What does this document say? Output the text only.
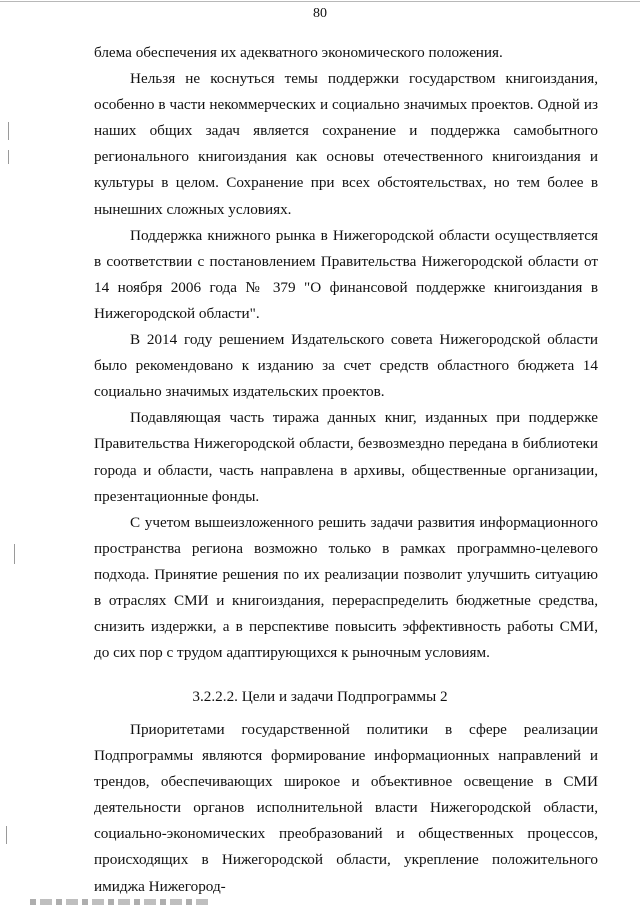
80

блема обеспечения их адекватного экономического положения.

Нельзя не коснуться темы поддержки государством книгоиздания, особенно в части некоммерческих и социально значимых проектов. Одной из наших общих задач является сохранение и поддержка самобытного регионального книгоиздания как основы отечественного книгоиздания и культуры в целом. Сохранение при всех обстоятельствах, но тем более в нынешних сложных условиях.

Поддержка книжного рынка в Нижегородской области осуществляется в соответствии с постановлением Правительства Нижегородской области от 14 ноября 2006 года № 379 "О финансовой поддержке книгоиздания в Нижегородской области".

В 2014 году решением Издательского совета Нижегородской области было рекомендовано к изданию за счет средств областного бюджета 14 социально значимых издательских проектов.

Подавляющая часть тиража данных книг, изданных при поддержке Правительства Нижегородской области, безвозмездно передана в библиотеки города и области, часть направлена в архивы, общественные организации, презентационные фонды.

С учетом вышеизложенного решить задачи развития информационного пространства региона возможно только в рамках программно-целевого подхода. Принятие решения по их реализации позволит улучшить ситуацию в отраслях СМИ и книгоиздания, перераспределить бюджетные средства, снизить издержки, а в перспективе повысить эффективность работы СМИ, до сих пор с трудом адаптирующихся к рыночным условиям.

3.2.2.2. Цели и задачи Подпрограммы 2

Приоритетами государственной политики в сфере реализации Подпрограммы являются формирование информационных направлений и трендов, обеспечивающих широкое и объективное освещение в СМИ деятельности органов исполнительной власти Нижегородской области, социально-экономических преобразований и общественных процессов, происходящих в Нижегородской области, укрепление положительного имиджа Нижегород-
